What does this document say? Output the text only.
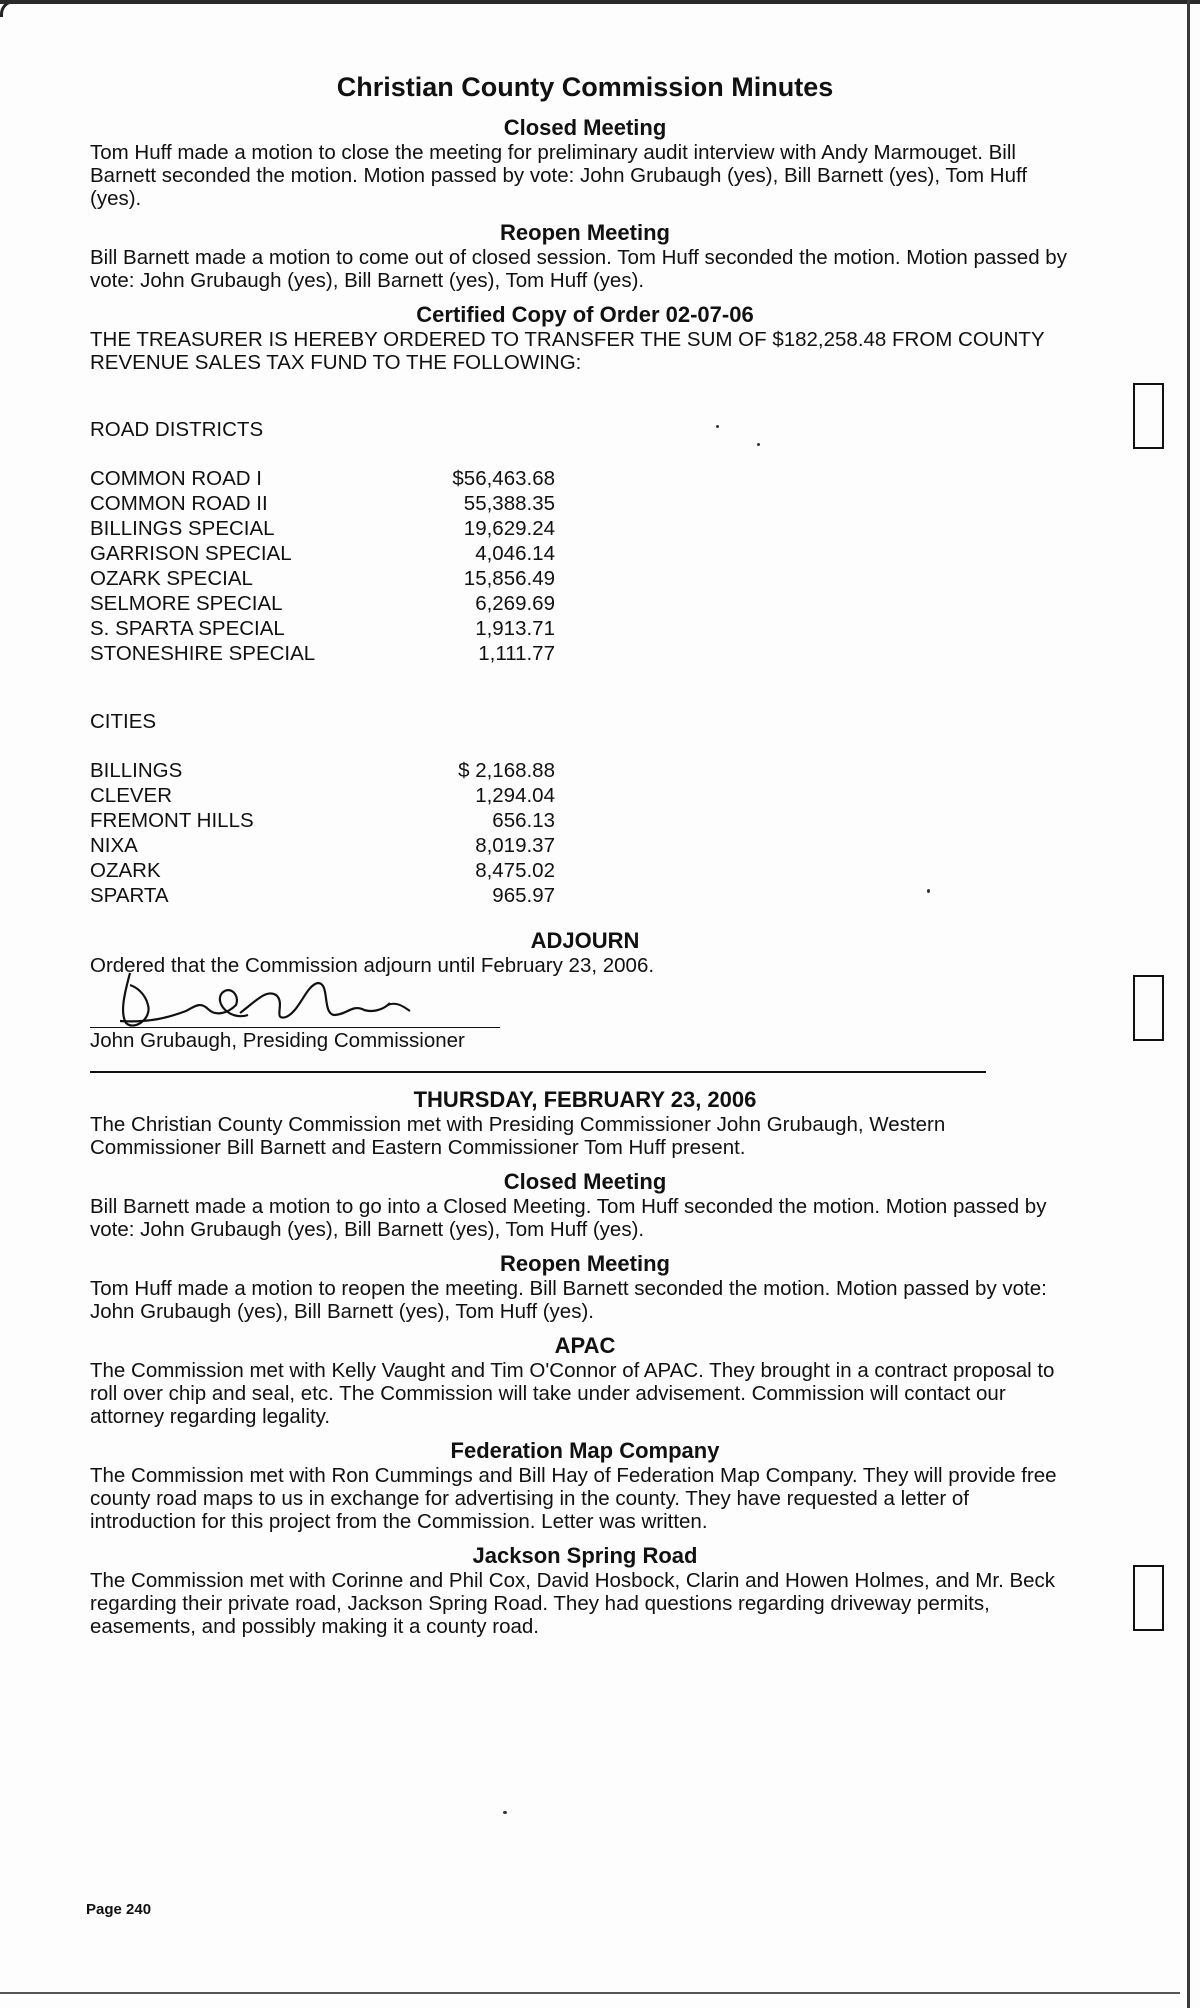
Christian County Commission Minutes
Closed Meeting

Tom Huff made a motion to close the meeting for preliminary audit interview with Andy Marmouget. Bill Barnett seconded the motion. Motion passed by vote: John Grubaugh (yes), Bill Barnett (yes), Tom Huff (yes).

Reopen Meeting

Bill Barnett made a motion to come out of closed session. Tom Huff seconded the motion. Motion passed by vote: John Grubaugh (yes), Bill Barnett (yes), Tom Huff (yes).

Certified Copy of Order 02-07-06

THE TREASURER IS HEREBY ORDERED TO TRANSFER THE SUM OF $182,258.48 FROM COUNTY REVENUE SALES TAX FUND TO THE FOLLOWING:

ROAD DISTRICTS

COMMON ROAD I	$56,463.68
COMMON ROAD II	55,388.35
BILLINGS SPECIAL	19,629.24
GARRISON SPECIAL	4,046.14
OZARK SPECIAL	15,856.49
SELMORE SPECIAL	6,269.69
S. SPARTA SPECIAL	1,913.71
STONESHIRE SPECIAL	1,111.77

CITIES

BILLINGS	$ 2,168.88
CLEVER	1,294.04
FREMONT HILLS	656.13
NIXA	8,019.37
OZARK	8,475.02
SPARTA	965.97
ADJOURN

Ordered that the Commission adjourn until February 23, 2006.

John Grubaugh, Presiding Commissioner
THURSDAY, FEBRUARY 23, 2006

The Christian County Commission met with Presiding Commissioner John Grubaugh, Western Commissioner Bill Barnett and Eastern Commissioner Tom Huff present.

Closed Meeting

Bill Barnett made a motion to go into a Closed Meeting. Tom Huff seconded the motion. Motion passed by vote: John Grubaugh (yes), Bill Barnett (yes), Tom Huff (yes).

Reopen Meeting

Tom Huff made a motion to reopen the meeting. Bill Barnett seconded the motion. Motion passed by vote: John Grubaugh (yes), Bill Barnett (yes), Tom Huff (yes).

APAC

The Commission met with Kelly Vaught and Tim O'Connor of APAC. They brought in a contract proposal to roll over chip and seal, etc. The Commission will take under advisement. Commission will contact our attorney regarding legality.

Federation Map Company

The Commission met with Ron Cummings and Bill Hay of Federation Map Company. They will provide free county road maps to us in exchange for advertising in the county. They have requested a letter of introduction for this project from the Commission. Letter was written.

Jackson Spring Road

The Commission met with Corinne and Phil Cox, David Hosbock, Clarin and Howen Holmes, and Mr. Beck regarding their private road, Jackson Spring Road. They had questions regarding driveway permits, easements, and possibly making it a county road.

Page 240
